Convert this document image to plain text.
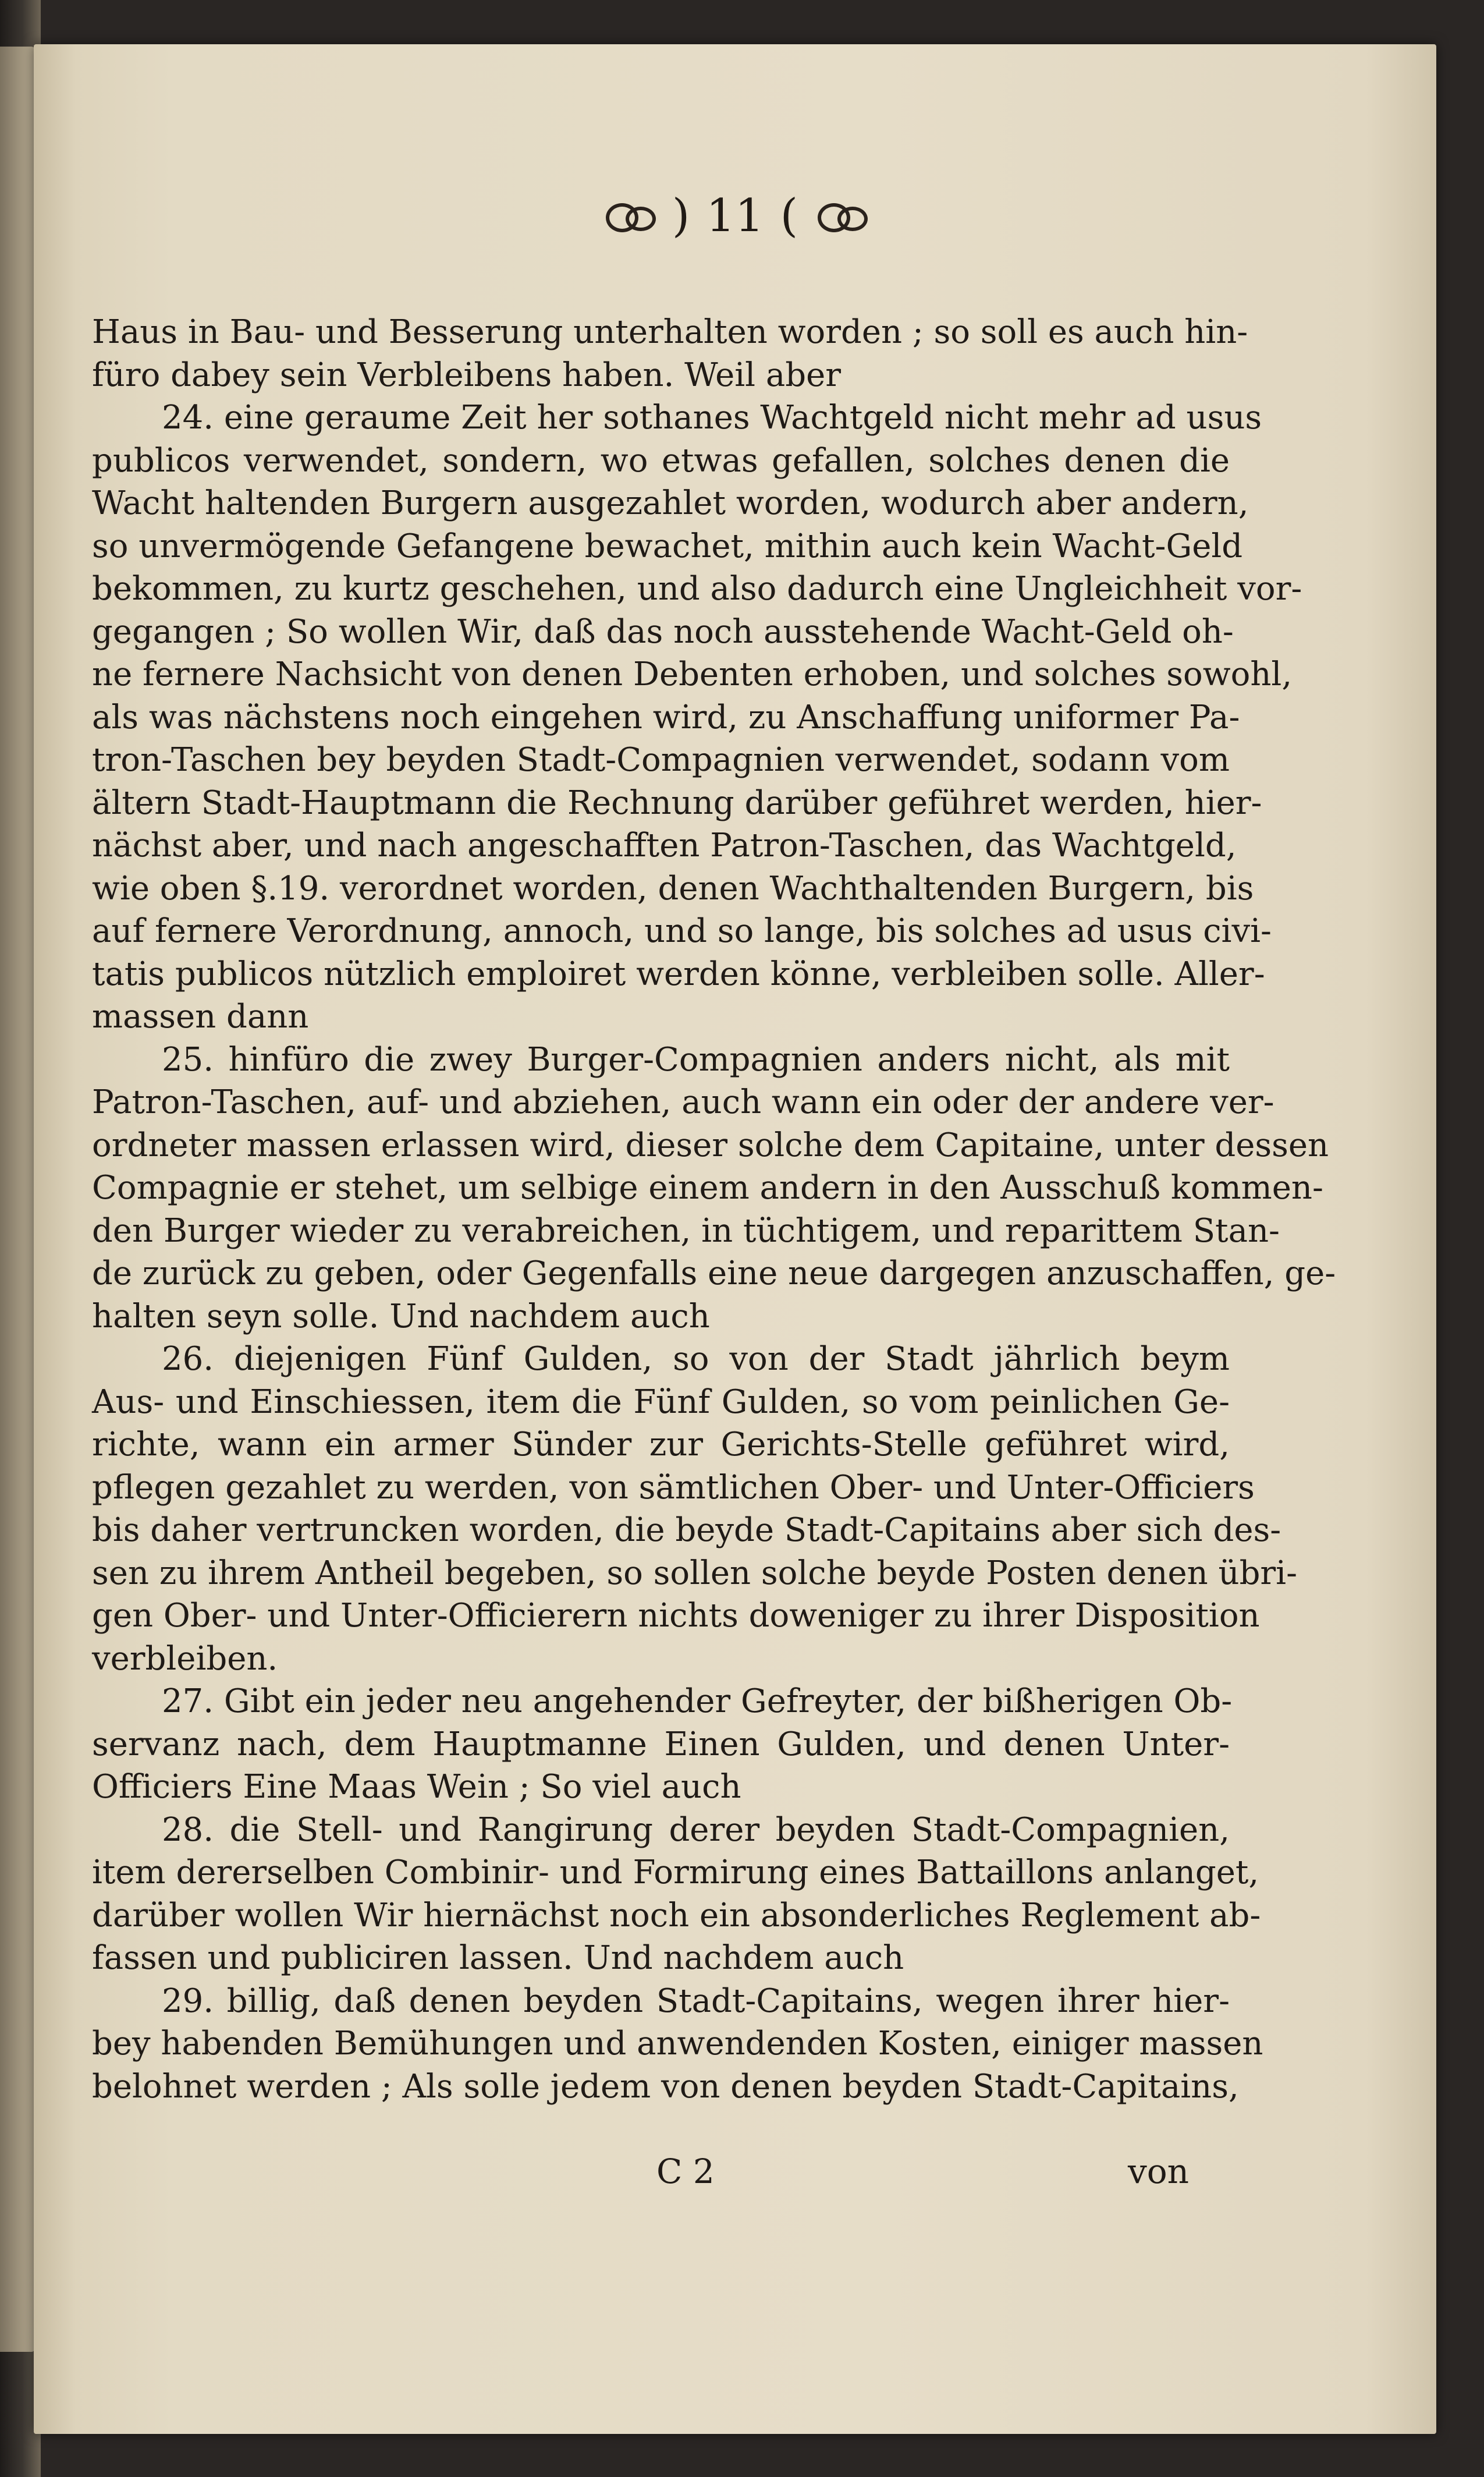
) 11 (
Haus in Bau- und Besserung unterhalten worden ; so soll es auch hin-
füro dabey sein Verbleibens haben. Weil aber
24. eine geraume Zeit her sothanes Wachtgeld nicht mehr ad usus
publicos verwendet, sondern, wo etwas gefallen, solches denen die
Wacht haltenden Burgern ausgezahlet worden, wodurch aber andern,
so unvermögende Gefangene bewachet, mithin auch kein Wacht-Geld
bekommen, zu kurtz geschehen, und also dadurch eine Ungleichheit vor-
gegangen ; So wollen Wir, daß das noch ausstehende Wacht-Geld oh-
ne fernere Nachsicht von denen Debenten erhoben, und solches sowohl,
als was nächstens noch eingehen wird, zu Anschaffung uniformer Pa-
tron-Taschen bey beyden Stadt-Compagnien verwendet, sodann vom
ältern Stadt-Hauptmann die Rechnung darüber geführet werden, hier-
nächst aber, und nach angeschafften Patron-Taschen, das Wachtgeld,
wie oben §.19. verordnet worden, denen Wachthaltenden Burgern, bis
auf fernere Verordnung, annoch, und so lange, bis solches ad usus civi-
tatis publicos nützlich emploiret werden könne, verbleiben solle. Aller-
massen dann
25. hinfüro die zwey Burger-Compagnien anders nicht, als mit
Patron-Taschen, auf- und abziehen, auch wann ein oder der andere ver-
ordneter massen erlassen wird, dieser solche dem Capitaine, unter dessen
Compagnie er stehet, um selbige einem andern in den Ausschuß kommen-
den Burger wieder zu verabreichen, in tüchtigem, und reparittem Stan-
de zurück zu geben, oder Gegenfalls eine neue dargegen anzuschaffen, ge-
halten seyn solle. Und nachdem auch
26. diejenigen Fünf Gulden, so von der Stadt jährlich beym
Aus- und Einschiessen, item die Fünf Gulden, so vom peinlichen Ge-
richte, wann ein armer Sünder zur Gerichts-Stelle geführet wird,
pflegen gezahlet zu werden, von sämtlichen Ober- und Unter-Officiers
bis daher vertruncken worden, die beyde Stadt-Capitains aber sich des-
sen zu ihrem Antheil begeben, so sollen solche beyde Posten denen übri-
gen Ober- und Unter-Officierern nichts doweniger zu ihrer Disposition
verbleiben.
27. Gibt ein jeder neu angehender Gefreyter, der bißherigen Ob-
servanz nach, dem Hauptmanne Einen Gulden, und denen Unter-
Officiers Eine Maas Wein ; So viel auch
28. die Stell- und Rangirung derer beyden Stadt-Compagnien,
item dererselben Combinir- und Formirung eines Battaillons anlanget,
darüber wollen Wir hiernächst noch ein absonderliches Reglement ab-
fassen und publiciren lassen. Und nachdem auch
29. billig, daß denen beyden Stadt-Capitains, wegen ihrer hier-
bey habenden Bemühungen und anwendenden Kosten, einiger massen
belohnet werden ; Als solle jedem von denen beyden Stadt-Capitains,
C 2	von
